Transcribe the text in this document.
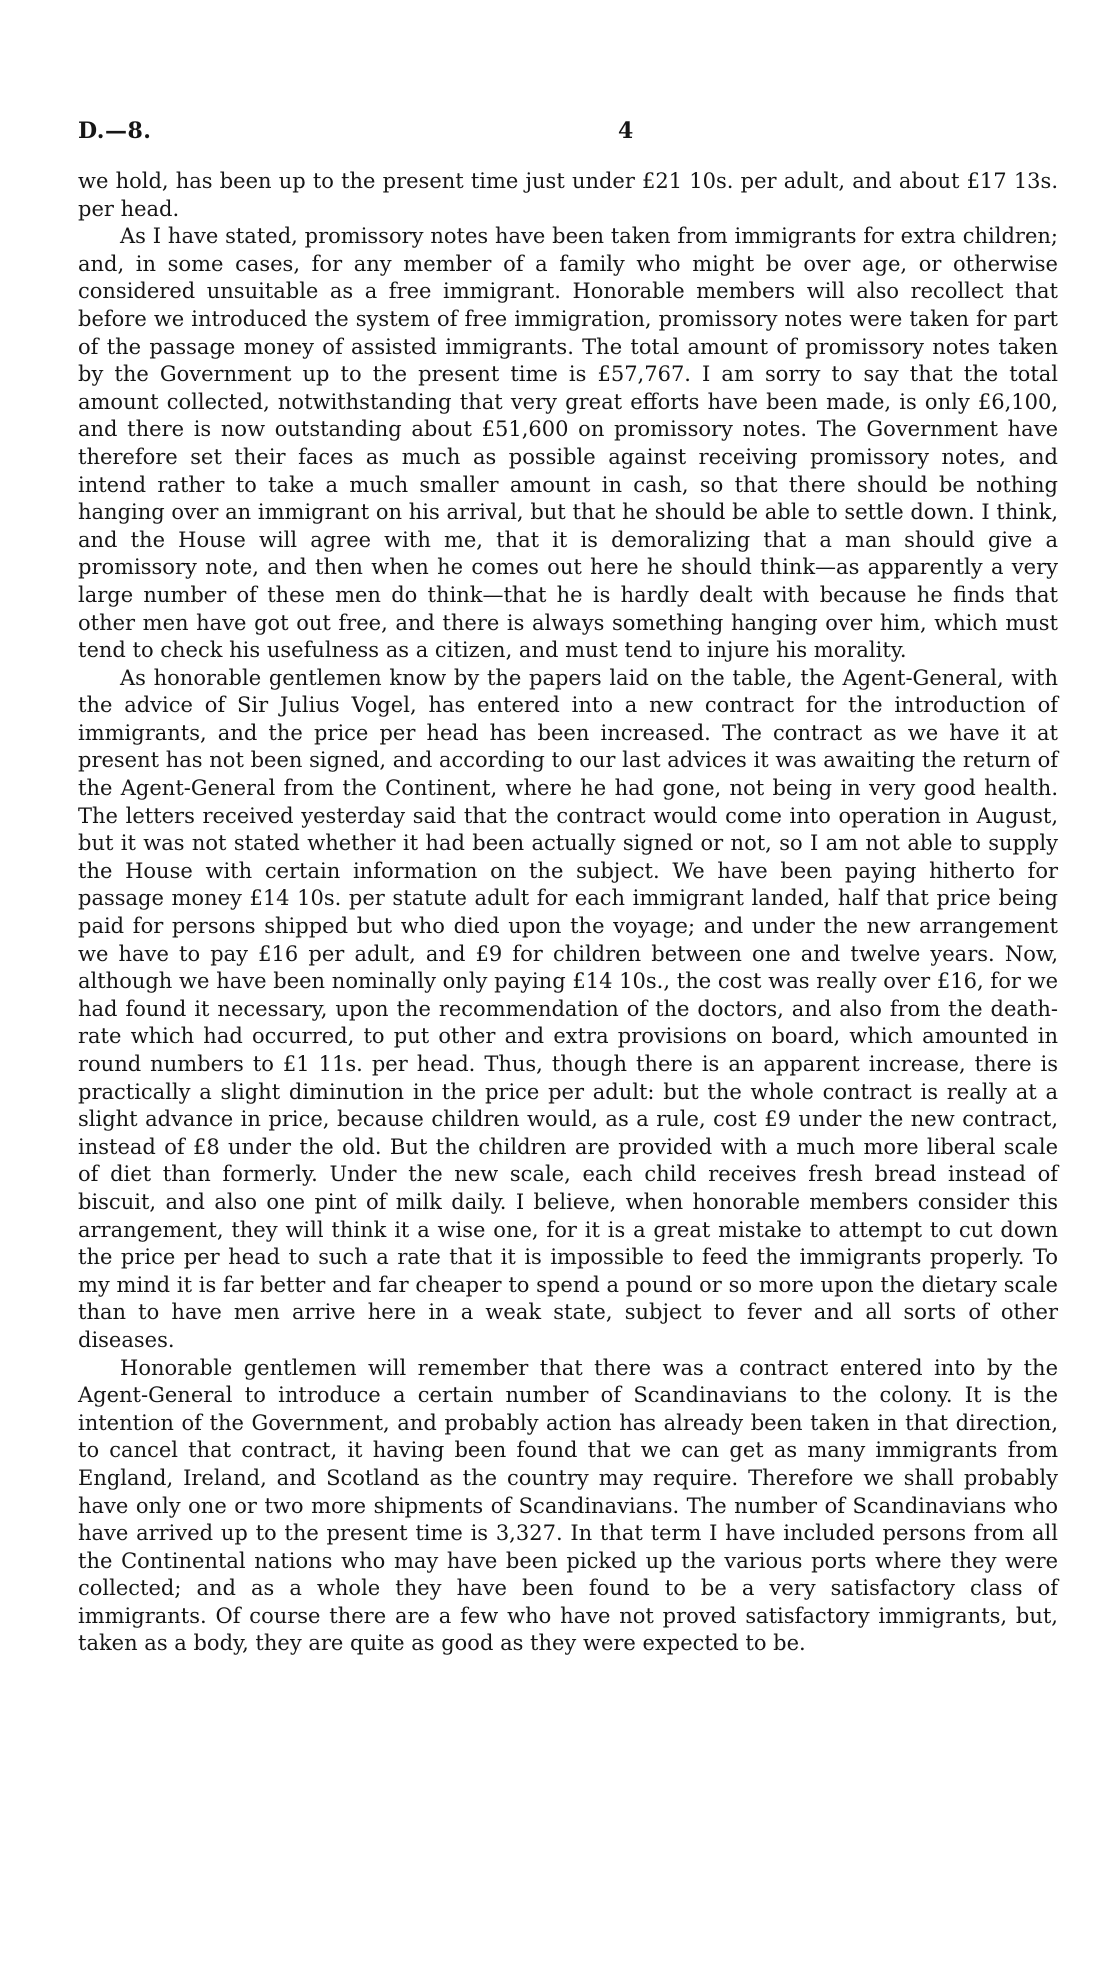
D.—8.	4

we hold, has been up to the present time just under £21 10s. per adult, and about £17 13s. per head.

As I have stated, promissory notes have been taken from immigrants for extra children; and, in some cases, for any member of a family who might be over age, or otherwise considered unsuitable as a free immigrant. Honorable members will also recollect that before we introduced the system of free immigration, promissory notes were taken for part of the passage money of assisted immigrants. The total amount of promissory notes taken by the Government up to the present time is £57,767. I am sorry to say that the total amount collected, notwithstanding that very great efforts have been made, is only £6,100, and there is now outstanding about £51,600 on promissory notes. The Government have therefore set their faces as much as possible against receiving promissory notes, and intend rather to take a much smaller amount in cash, so that there should be nothing hanging over an immigrant on his arrival, but that he should be able to settle down. I think, and the House will agree with me, that it is demoralizing that a man should give a promissory note, and then when he comes out here he should think—as apparently a very large number of these men do think—that he is hardly dealt with because he finds that other men have got out free, and there is always something hanging over him, which must tend to check his usefulness as a citizen, and must tend to injure his morality.

As honorable gentlemen know by the papers laid on the table, the Agent-General, with the advice of Sir Julius Vogel, has entered into a new contract for the introduction of immigrants, and the price per head has been increased. The contract as we have it at present has not been signed, and according to our last advices it was awaiting the return of the Agent-General from the Continent, where he had gone, not being in very good health. The letters received yesterday said that the contract would come into operation in August, but it was not stated whether it had been actually signed or not, so I am not able to supply the House with certain information on the subject. We have been paying hitherto for passage money £14 10s. per statute adult for each immigrant landed, half that price being paid for persons shipped but who died upon the voyage; and under the new arrangement we have to pay £16 per adult, and £9 for children between one and twelve years. Now, although we have been nominally only paying £14 10s., the cost was really over £16, for we had found it necessary, upon the recommendation of the doctors, and also from the death-rate which had occurred, to put other and extra provisions on board, which amounted in round numbers to £1 11s. per head. Thus, though there is an apparent increase, there is practically a slight diminution in the price per adult: but the whole contract is really at a slight advance in price, because children would, as a rule, cost £9 under the new contract, instead of £8 under the old. But the children are provided with a much more liberal scale of diet than formerly. Under the new scale, each child receives fresh bread instead of biscuit, and also one pint of milk daily. I believe, when honorable members consider this arrangement, they will think it a wise one, for it is a great mistake to attempt to cut down the price per head to such a rate that it is impossible to feed the immigrants properly. To my mind it is far better and far cheaper to spend a pound or so more upon the dietary scale than to have men arrive here in a weak state, subject to fever and all sorts of other diseases.

Honorable gentlemen will remember that there was a contract entered into by the Agent-General to introduce a certain number of Scandinavians to the colony. It is the intention of the Government, and probably action has already been taken in that direction, to cancel that contract, it having been found that we can get as many immigrants from England, Ireland, and Scotland as the country may require. Therefore we shall probably have only one or two more shipments of Scandinavians. The number of Scandinavians who have arrived up to the present time is 3,327. In that term I have included persons from all the Continental nations who may have been picked up the various ports where they were collected; and as a whole they have been found to be a very satisfactory class of immigrants. Of course there are a few who have not proved satisfactory immigrants, but, taken as a body, they are quite as good as they were expected to be.
